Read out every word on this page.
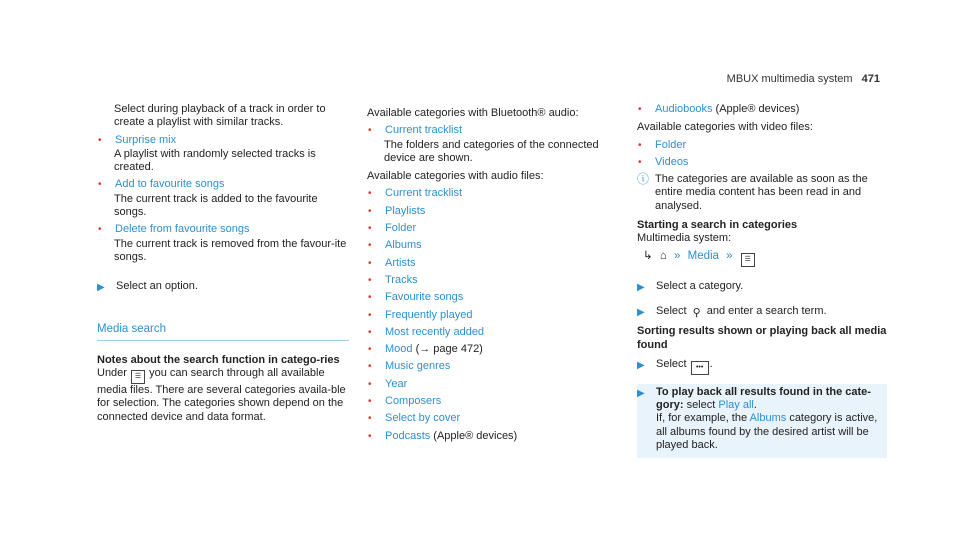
MBUX multimedia system 471

Select during playback of a track in order to create a playlist with similar tracks.

•	Surprise mix

A playlist with randomly selected tracks is created.

•	Add to favourite songs

The current track is added to the favourite songs.

•	Delete from favourite songs

The current track is removed from the favour-ite songs.

▶	Select an option.
Media search

Notes about the search function in catego-ries

Under ☰ you can search through all available media files. There are several categories availa-ble for selection. The categories shown depend on the connected device and data format.

Available categories with Bluetooth® audio:

•	Current tracklist

The folders and categories of the connected device are shown.

Available categories with audio files:

•	Current tracklist
•	Playlists
•	Folder
•	Albums
•	Artists
•	Tracks
•	Favourite songs
•	Frequently played
•	Most recently added
•	Mood (→ page 472)
•	Music genres
•	Year
•	Composers
•	Select by cover
•	Podcasts (Apple® devices)
•	Audiobooks (Apple® devices)

Available categories with video files:

•	Folder
•	Videos
ⓘ The categories are available as soon as the entire media content has been read in and analysed.

Starting a search in categories

Multimedia system:

↳ ⌂ » Media » ☰
▶	Select a category.
▶	Select ⚲ and enter a search term.

Sorting results shown or playing back all media found

▶	Select ••• .
▶	To play back all results found in the cate-gory: select Play all.
If, for example, the Albums category is active, all albums found by the desired artist will be played back.
